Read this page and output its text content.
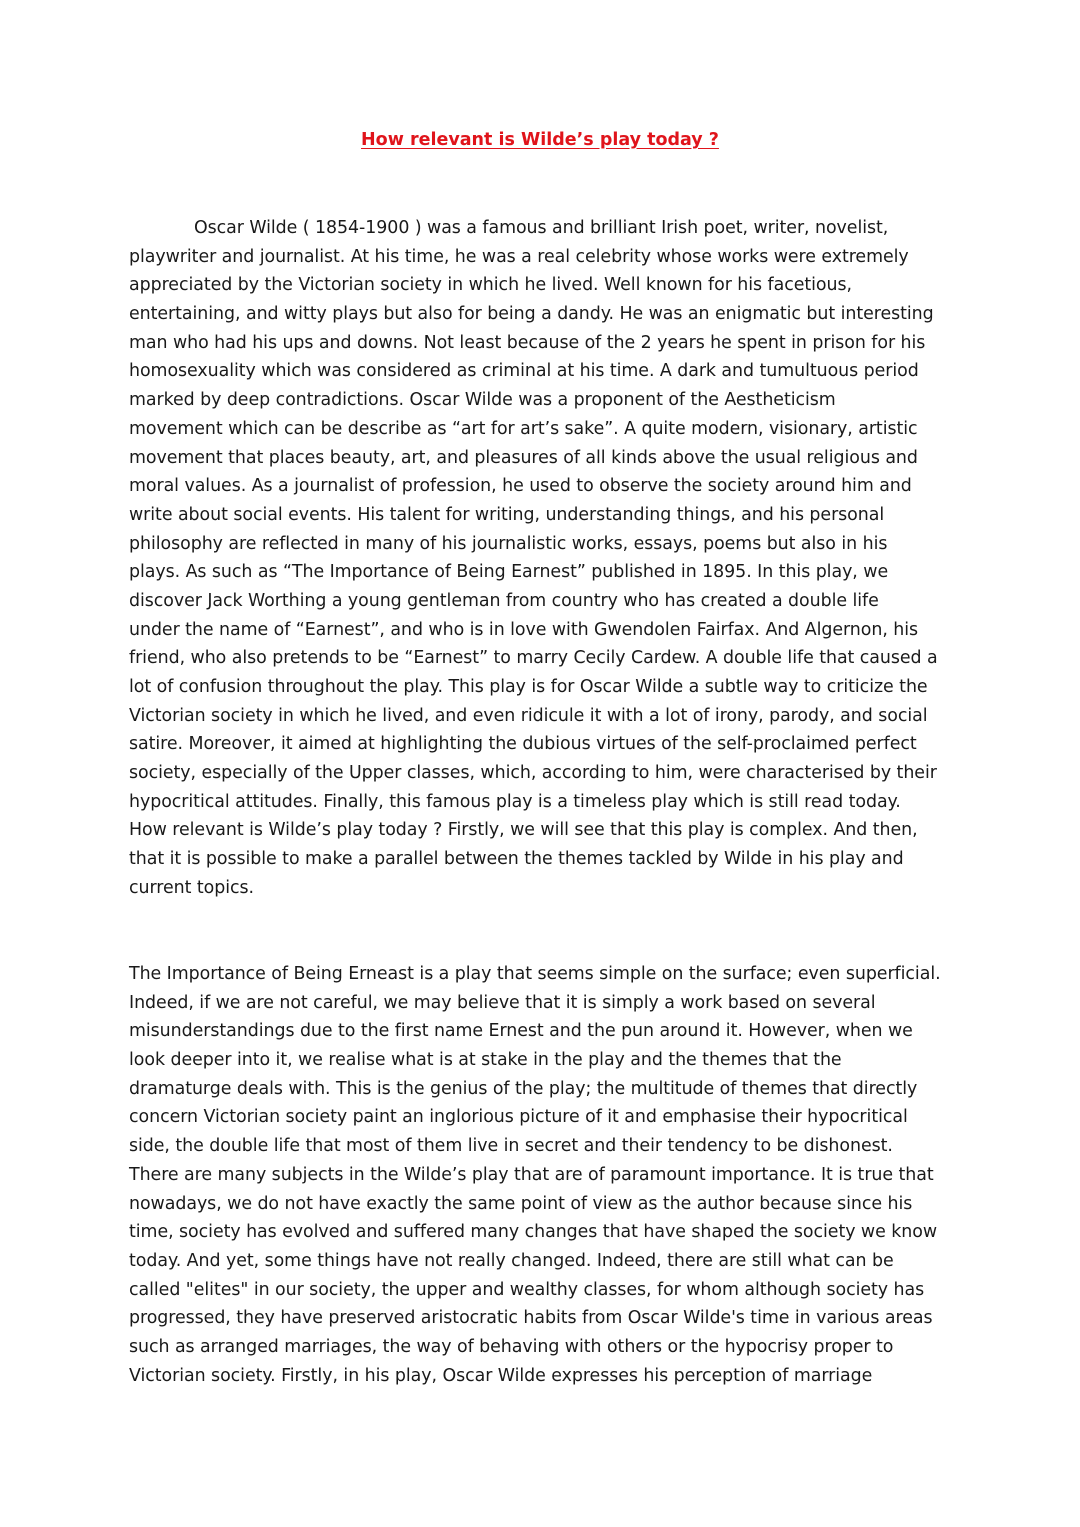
How relevant is Wilde’s play today ?
Oscar Wilde ( 1854-1900 ) was a famous and brilliant Irish poet, writer, novelist,
playwriter and journalist. At his time, he was a real celebrity whose works were extremely
appreciated by the Victorian society in which he lived. Well known for his facetious,
entertaining, and witty plays but also for being a dandy. He was an enigmatic but interesting
man who had his ups and downs. Not least because of the 2 years he spent in prison for his
homosexuality which was considered as criminal at his time. A dark and tumultuous period
marked by deep contradictions. Oscar Wilde was a proponent of the Aestheticism
movement which can be describe as “art for art’s sake”. A quite modern, visionary, artistic
movement that places beauty, art, and pleasures of all kinds above the usual religious and
moral values. As a journalist of profession, he used to observe the society around him and
write about social events. His talent for writing, understanding things, and his personal
philosophy are reflected in many of his journalistic works, essays, poems but also in his
plays. As such as “The Importance of Being Earnest” published in 1895. In this play, we
discover Jack Worthing a young gentleman from country who has created a double life
under the name of “Earnest”, and who is in love with Gwendolen Fairfax. And Algernon, his
friend, who also pretends to be “Earnest” to marry Cecily Cardew. A double life that caused a
lot of confusion throughout the play. This play is for Oscar Wilde a subtle way to criticize the
Victorian society in which he lived, and even ridicule it with a lot of irony, parody, and social
satire. Moreover, it aimed at highlighting the dubious virtues of the self-proclaimed perfect
society, especially of the Upper classes, which, according to him, were characterised by their
hypocritical attitudes. Finally, this famous play is a timeless play which is still read today.
How relevant is Wilde’s play today ? Firstly, we will see that this play is complex. And then,
that it is possible to make a parallel between the themes tackled by Wilde in his play and
current topics.
The Importance of Being Erneast is a play that seems simple on the surface; even superficial.
Indeed, if we are not careful, we may believe that it is simply a work based on several
misunderstandings due to the first name Ernest and the pun around it. However, when we
look deeper into it, we realise what is at stake in the play and the themes that the
dramaturge deals with. This is the genius of the play; the multitude of themes that directly
concern Victorian society paint an inglorious picture of it and emphasise their hypocritical
side, the double life that most of them live in secret and their tendency to be dishonest.
There are many subjects in the Wilde’s play that are of paramount importance. It is true that
nowadays, we do not have exactly the same point of view as the author because since his
time, society has evolved and suffered many changes that have shaped the society we know
today. And yet, some things have not really changed. Indeed, there are still what can be
called "elites" in our society, the upper and wealthy classes, for whom although society has
progressed, they have preserved aristocratic habits from Oscar Wilde's time in various areas
such as arranged marriages, the way of behaving with others or the hypocrisy proper to
Victorian society. Firstly, in his play, Oscar Wilde expresses his perception of marriage
